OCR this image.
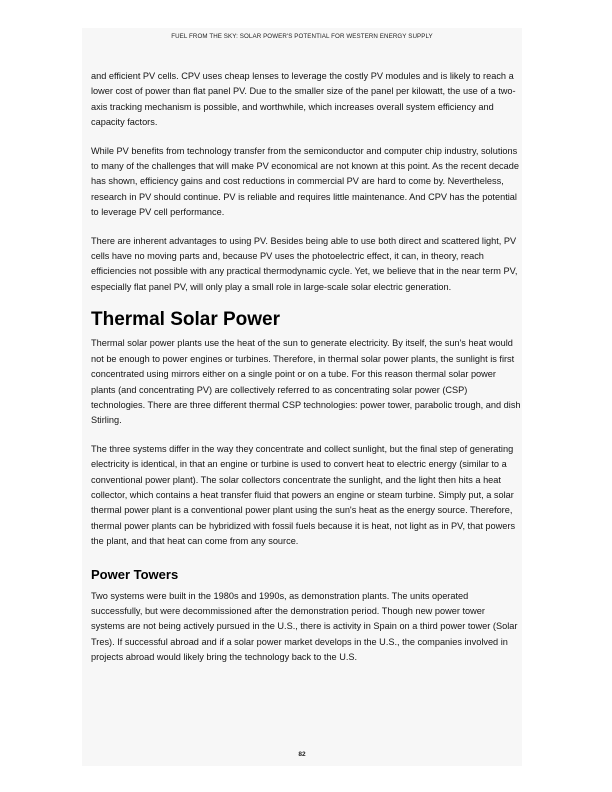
FUEL FROM THE SKY: SOLAR POWER'S POTENTIAL FOR WESTERN ENERGY SUPPLY

and efficient PV cells. CPV uses cheap lenses to leverage the costly PV modules and is likely to reach a lower cost of power than flat panel PV. Due to the smaller size of the panel per kilowatt, the use of a two-axis tracking mechanism is possible, and worthwhile, which increases overall system efficiency and capacity factors.

While PV benefits from technology transfer from the semiconductor and computer chip industry, solutions to many of the challenges that will make PV economical are not known at this point. As the recent decade has shown, efficiency gains and cost reductions in commercial PV are hard to come by. Nevertheless, research in PV should continue. PV is reliable and requires little maintenance. And CPV has the potential to leverage PV cell performance.

There are inherent advantages to using PV. Besides being able to use both direct and scattered light, PV cells have no moving parts and, because PV uses the photoelectric effect, it can, in theory, reach efficiencies not possible with any practical thermodynamic cycle. Yet, we believe that in the near term PV, especially flat panel PV, will only play a small role in large-scale solar electric generation.

Thermal Solar Power

Thermal solar power plants use the heat of the sun to generate electricity. By itself, the sun's heat would not be enough to power engines or turbines. Therefore, in thermal solar power plants, the sunlight is first concentrated using mirrors either on a single point or on a tube. For this reason thermal solar power plants (and concentrating PV) are collectively referred to as concentrating solar power (CSP) technologies. There are three different thermal CSP technologies: power tower, parabolic trough, and dish Stirling.

The three systems differ in the way they concentrate and collect sunlight, but the final step of generating electricity is identical, in that an engine or turbine is used to convert heat to electric energy (similar to a conventional power plant). The solar collectors concentrate the sunlight, and the light then hits a heat collector, which contains a heat transfer fluid that powers an engine or steam turbine. Simply put, a solar thermal power plant is a conventional power plant using the sun's heat as the energy source. Therefore, thermal power plants can be hybridized with fossil fuels because it is heat, not light as in PV, that powers the plant, and that heat can come from any source.

Power Towers

Two systems were built in the 1980s and 1990s, as demonstration plants. The units operated successfully, but were decommissioned after the demonstration period. Though new power tower systems are not being actively pursued in the U.S., there is activity in Spain on a third power tower (Solar Tres). If successful abroad and if a solar power market develops in the U.S., the companies involved in projects abroad would likely bring the technology back to the U.S.

82
